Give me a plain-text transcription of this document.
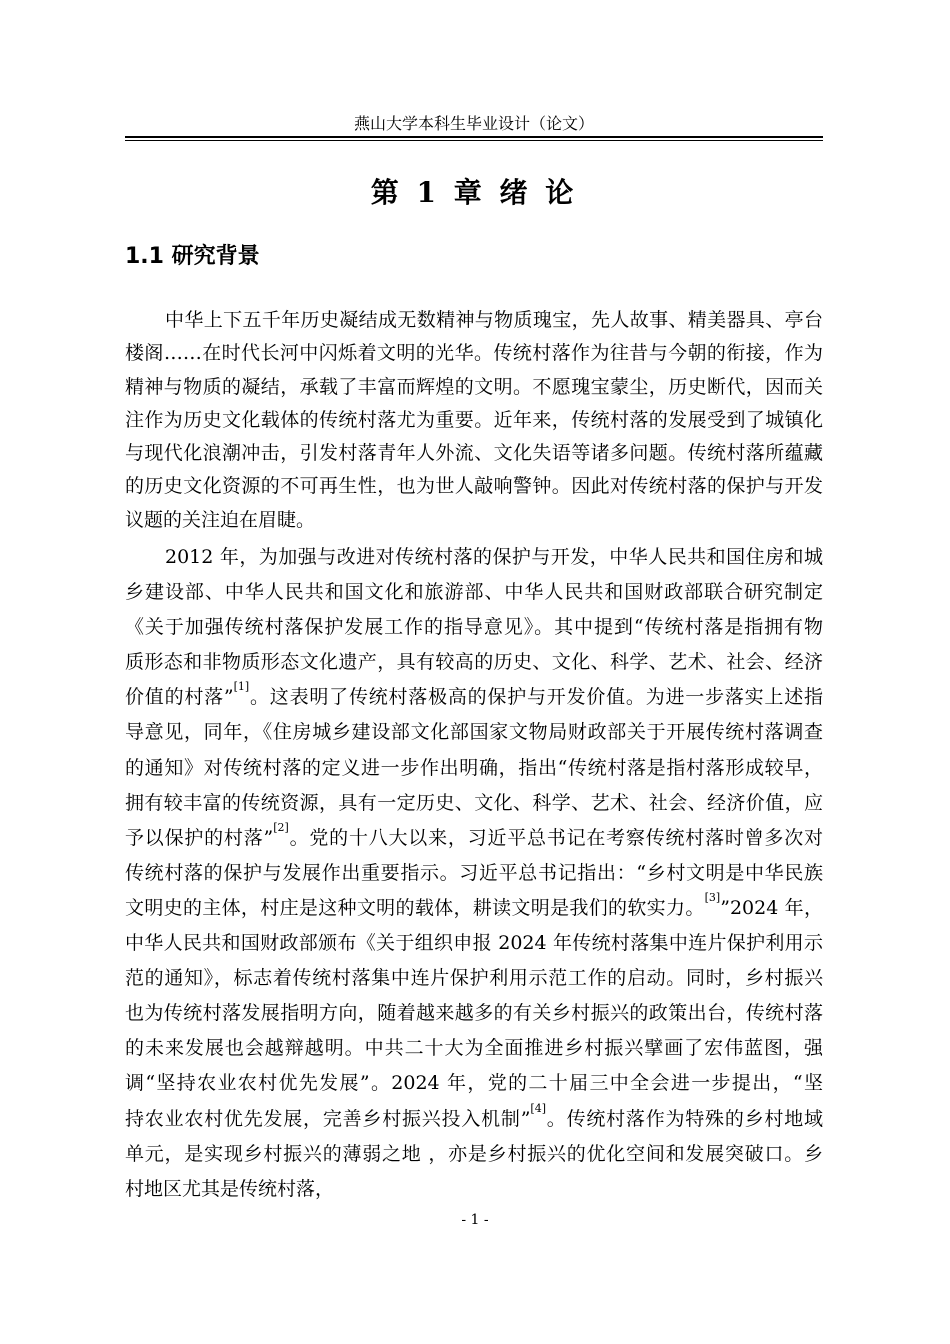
燕山大学本科生毕业设计（论文）
第 1 章 绪 论
1.1 研究背景
中华上下五千年历史凝结成无数精神与物质瑰宝，先人故事、精美器具、亭台
楼阁……在时代长河中闪烁着文明的光华。传统村落作为往昔与今朝的衔接，作为
精神与物质的凝结，承载了丰富而辉煌的文明。不愿瑰宝蒙尘，历史断代，因而关
注作为历史文化载体的传统村落尤为重要。近年来，传统村落的发展受到了城镇化
与现代化浪潮冲击，引发村落青年人外流、文化失语等诸多问题。传统村落所蕴藏
的历史文化资源的不可再生性，也为世人敲响警钟。因此对传统村落的保护与开发
议题的关注迫在眉睫。
2012 年，为加强与改进对传统村落的保护与开发，中华人民共和国住房和城
乡建设部、中华人民共和国文化和旅游部、中华人民共和国财政部联合研究制定
《关于加强传统村落保护发展工作的指导意见》。其中提到“传统村落是指拥有物
质形态和非物质形态文化遗产，具有较高的历史、文化、科学、艺术、社会、经济
价值的村落”[1]。这表明了传统村落极高的保护与开发价值。为进一步落实上述指
导意见，同年，《住房城乡建设部文化部国家文物局财政部关于开展传统村落调查
的通知》对传统村落的定义进一步作出明确，指出“传统村落是指村落形成较早，
拥有较丰富的传统资源，具有一定历史、文化、科学、艺术、社会、经济价值，应
予以保护的村落”[2]。党的十八大以来，习近平总书记在考察传统村落时曾多次对
传统村落的保护与发展作出重要指示。习近平总书记指出：“乡村文明是中华民族
文明史的主体，村庄是这种文明的载体，耕读文明是我们的软实力。[3]”2024 年，
中华人民共和国财政部颁布《关于组织申报 2024 年传统村落集中连片保护利用示
范的通知》，标志着传统村落集中连片保护利用示范工作的启动。同时，乡村振兴
也为传统村落发展指明方向，随着越来越多的有关乡村振兴的政策出台，传统村落
的未来发展也会越辩越明。中共二十大为全面推进乡村振兴擘画了宏伟蓝图，强
调“坚持农业农村优先发展”。2024 年，党的二十届三中全会进一步提出，“坚
持农业农村优先发展，完善乡村振兴投入机制”[4]。传统村落作为特殊的乡村地域
单元，是实现乡村振兴的薄弱之地 ，亦是乡村振兴的优化空间和发展突破口。乡
村地区尤其是传统村落，
- 1 -
